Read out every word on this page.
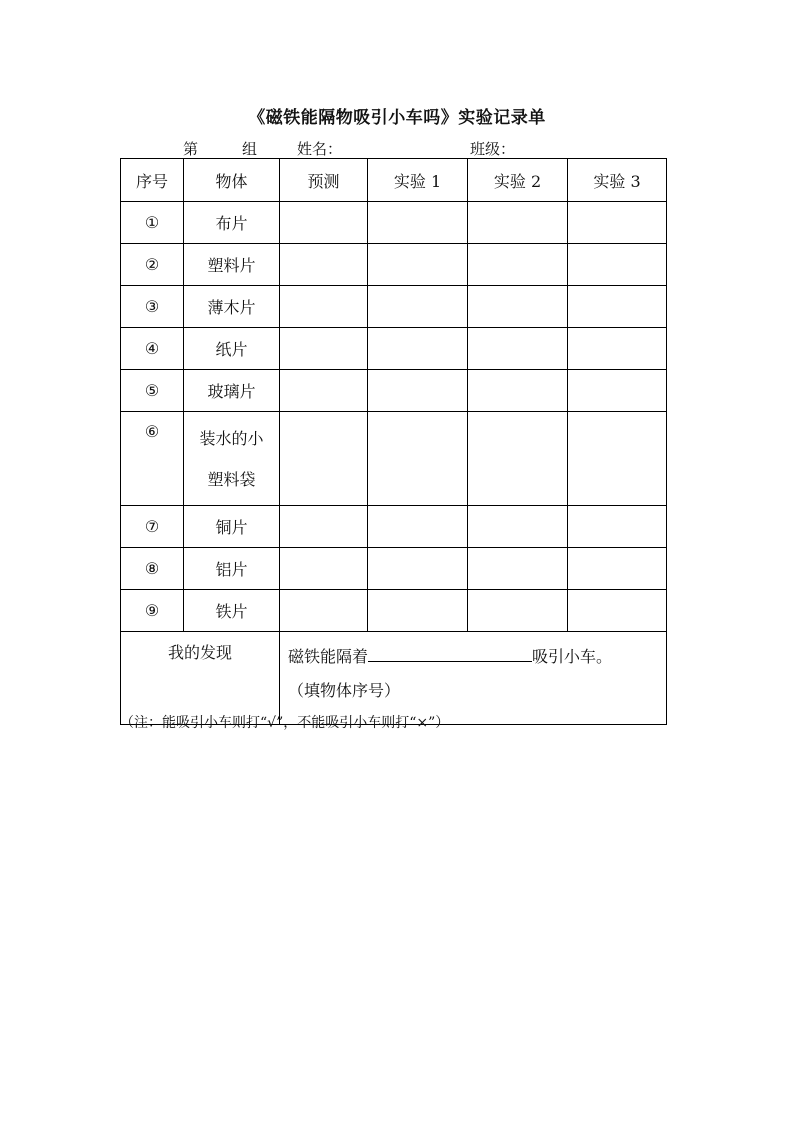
《磁铁能隔物吸引小车吗》实验记录单
第	组	姓名：	班级：
序号	物体	预测	实验 1	实验 2	实验 3
①	布片				
②	塑料片				
③	薄木片				
④	纸片				
⑤	玻璃片				
⑥	装水的小
塑料袋				

⑦	铜片				
⑧	铝片				
⑨	铁片				
我的发现		磁铁能隔着 吸引小车。
（填物体序号）			
（注：能吸引小车则打“√”，不能吸引小车则打“×”）
